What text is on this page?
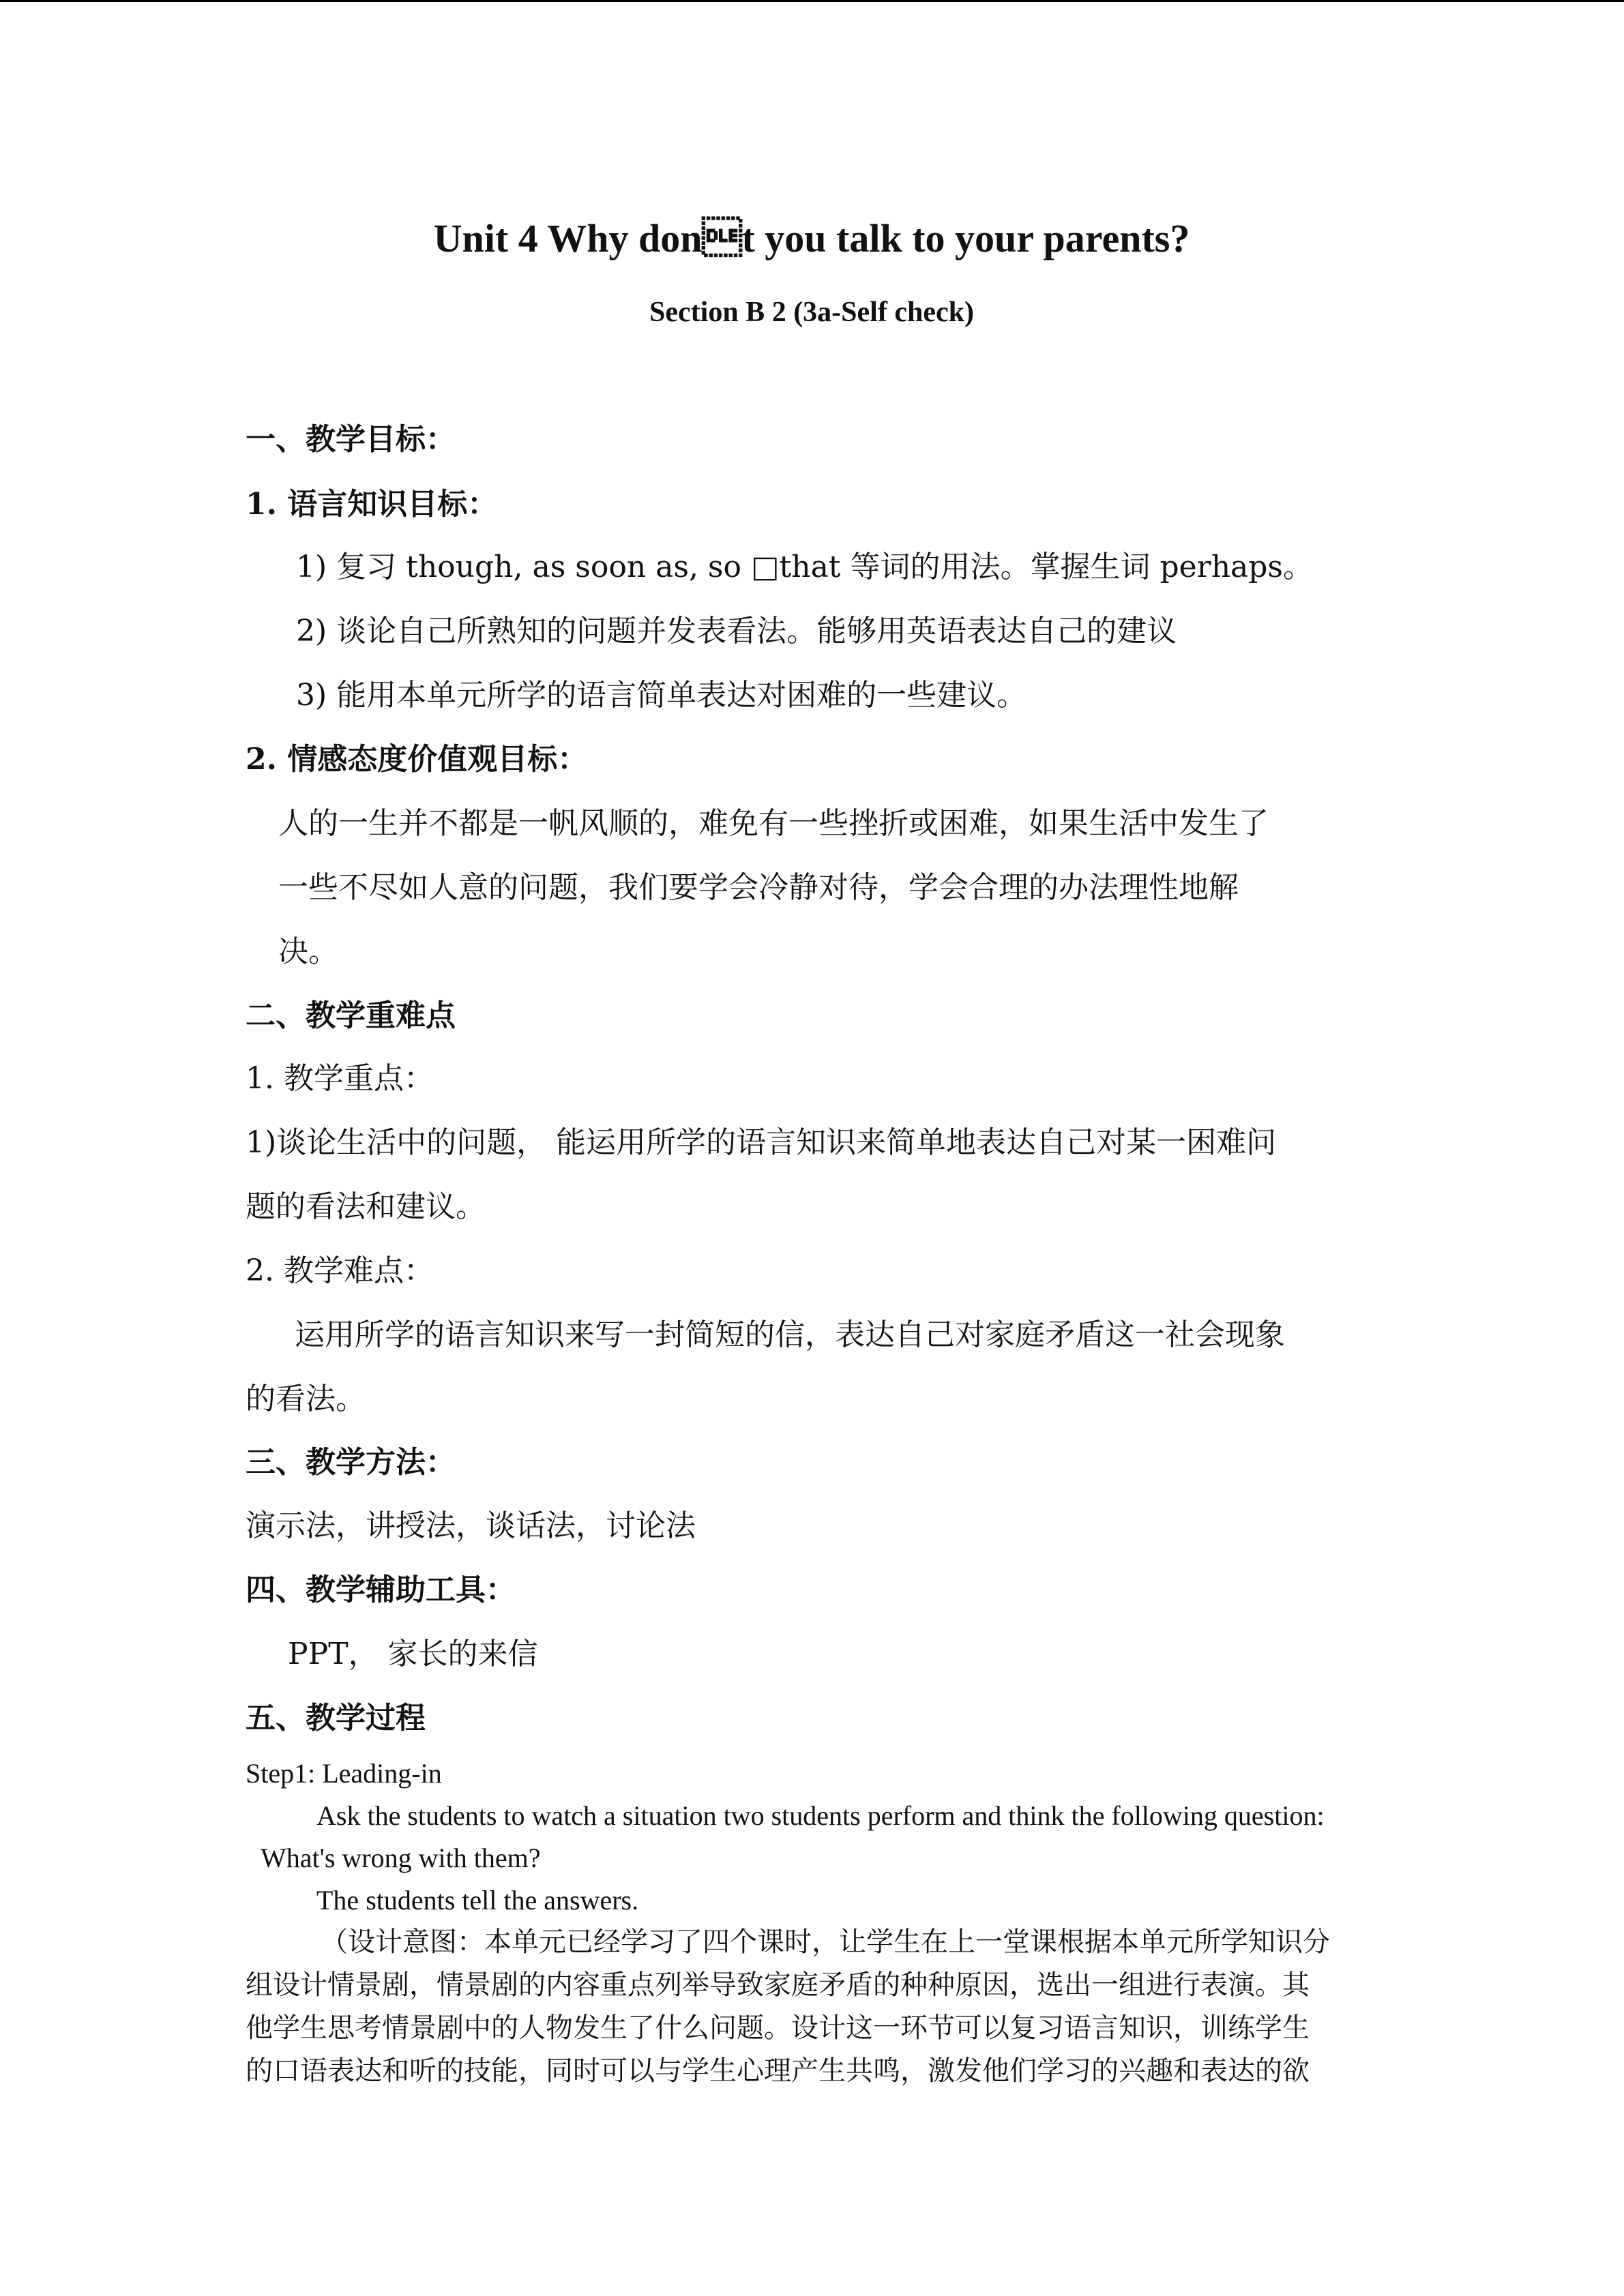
Unit 4 Why dont you talk to your parents?
Section B 2 (3a-Self check)
一、教学目标：
1. 语言知识目标：
1) 复习 though, as soon as, so □that 等词的用法。掌握生词 perhaps。
2) 谈论自己所熟知的问题并发表看法。能够用英语表达自己的建议
3) 能用本单元所学的语言简单表达对困难的一些建议。
2. 情感态度价值观目标：
人的一生并不都是一帆风顺的，难免有一些挫折或困难，如果生活中发生了
一些不尽如人意的问题，我们要学会冷静对待，学会合理的办法理性地解
决。
二、教学重难点
1. 教学重点：
1)谈论生活中的问题， 能运用所学的语言知识来简单地表达自己对某一困难问
题的看法和建议。
2. 教学难点：
运用所学的语言知识来写一封简短的信，表达自己对家庭矛盾这一社会现象
的看法。
三、教学方法：
演示法，讲授法，谈话法，讨论法
四、教学辅助工具：
PPT， 家长的来信
五、教学过程
Step1: Leading-in
Ask the students to watch a situation two students perform and think the following question:
What's wrong with them?
The students tell the answers.
（设计意图：本单元已经学习了四个课时，让学生在上一堂课根据本单元所学知识分
组设计情景剧，情景剧的内容重点列举导致家庭矛盾的种种原因，选出一组进行表演。其
他学生思考情景剧中的人物发生了什么问题。设计这一环节可以复习语言知识，训练学生
的口语表达和听的技能，同时可以与学生心理产生共鸣，激发他们学习的兴趣和表达的欲
